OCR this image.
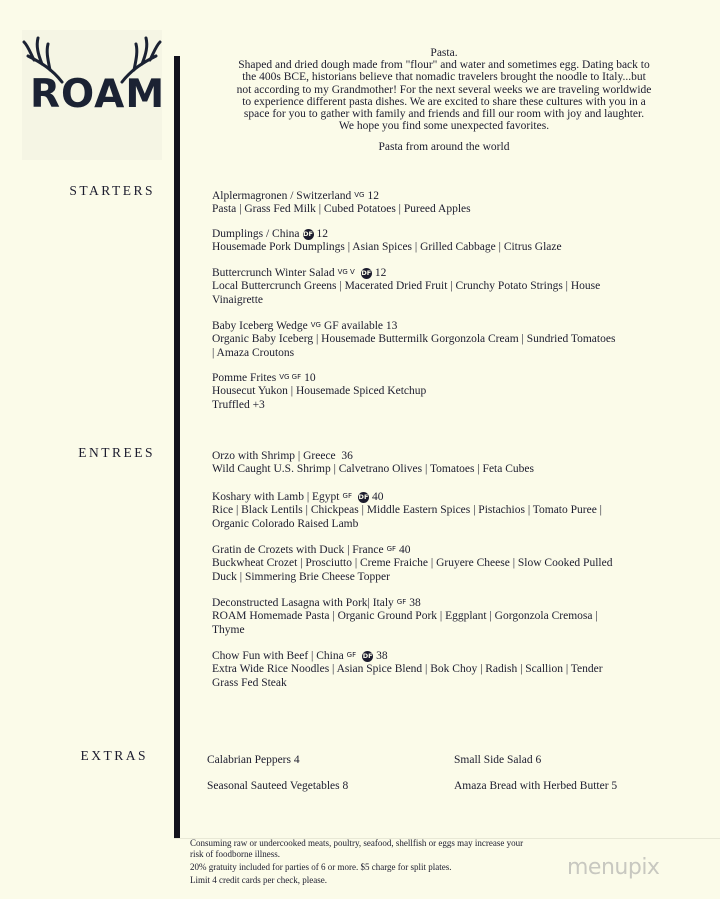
ROAM
Pasta.
Shaped and dried dough made from "flour" and water and sometimes egg. Dating back to
the 400s BCE, historians believe that nomadic travelers brought the noodle to Italy...but
not according to my Grandmother! For the next several weeks we are traveling worldwide
to experience different pasta dishes. We are excited to share these cultures with you in a
space for you to gather with family and friends and fill our room with joy and laughter.
We hope you find some unexpected favorites.
Pasta from around the world
STARTERS	Alplermagronen / Switzerland VG 12
Pasta | Grass Fed Milk | Cubed Potatoes | Pureed Apples
Dumplings / China DF 12
Housemade Pork Dumplings | Asian Spices | Grilled Cabbage | Citrus Glaze
Buttercrunch Winter Salad VG V DF 12
Local Buttercrunch Greens | Macerated Dried Fruit | Crunchy Potato Strings | House
Vinaigrette
Baby Iceberg Wedge VG GF available 13
Organic Baby Iceberg | Housemade Buttermilk Gorgonzola Cream | Sundried Tomatoes
| Amaza Croutons
Pomme Frites VG GF 10
Housecut Yukon | Housemade Spiced Ketchup
Truffled +3
ENTREES	Orzo with Shrimp | Greece 36
Wild Caught U.S. Shrimp | Calvetrano Olives | Tomatoes | Feta Cubes
Koshary with Lamb | Egypt GF DF 40
Rice | Black Lentils | Chickpeas | Middle Eastern Spices | Pistachios | Tomato Puree |
Organic Colorado Raised Lamb
Gratin de Crozets with Duck | France GF 40
Buckwheat Crozet | Prosciutto | Creme Fraiche | Gruyere Cheese | Slow Cooked Pulled
Duck | Simmering Brie Cheese Topper
Deconstructed Lasagna with Pork| Italy GF 38
ROAM Homemade Pasta | Organic Ground Pork | Eggplant | Gorgonzola Cremosa |
Thyme
Chow Fun with Beef | China GF DF 38
Extra Wide Rice Noodles | Asian Spice Blend | Bok Choy | Radish | Scallion | Tender
Grass Fed Steak
EXTRAS	Calabrian Peppers 4	Small Side Salad 6
Seasonal Sauteed Vegetables 8	Amaza Bread with Herbed Butter 5
Consuming raw or undercooked meats, poultry, seafood, shellfish or eggs may increase your
risk of foodborne illness.
20% gratuity included for parties of 6 or more. $5 charge for split plates.
Limit 4 credit cards per check, please.	menupix
